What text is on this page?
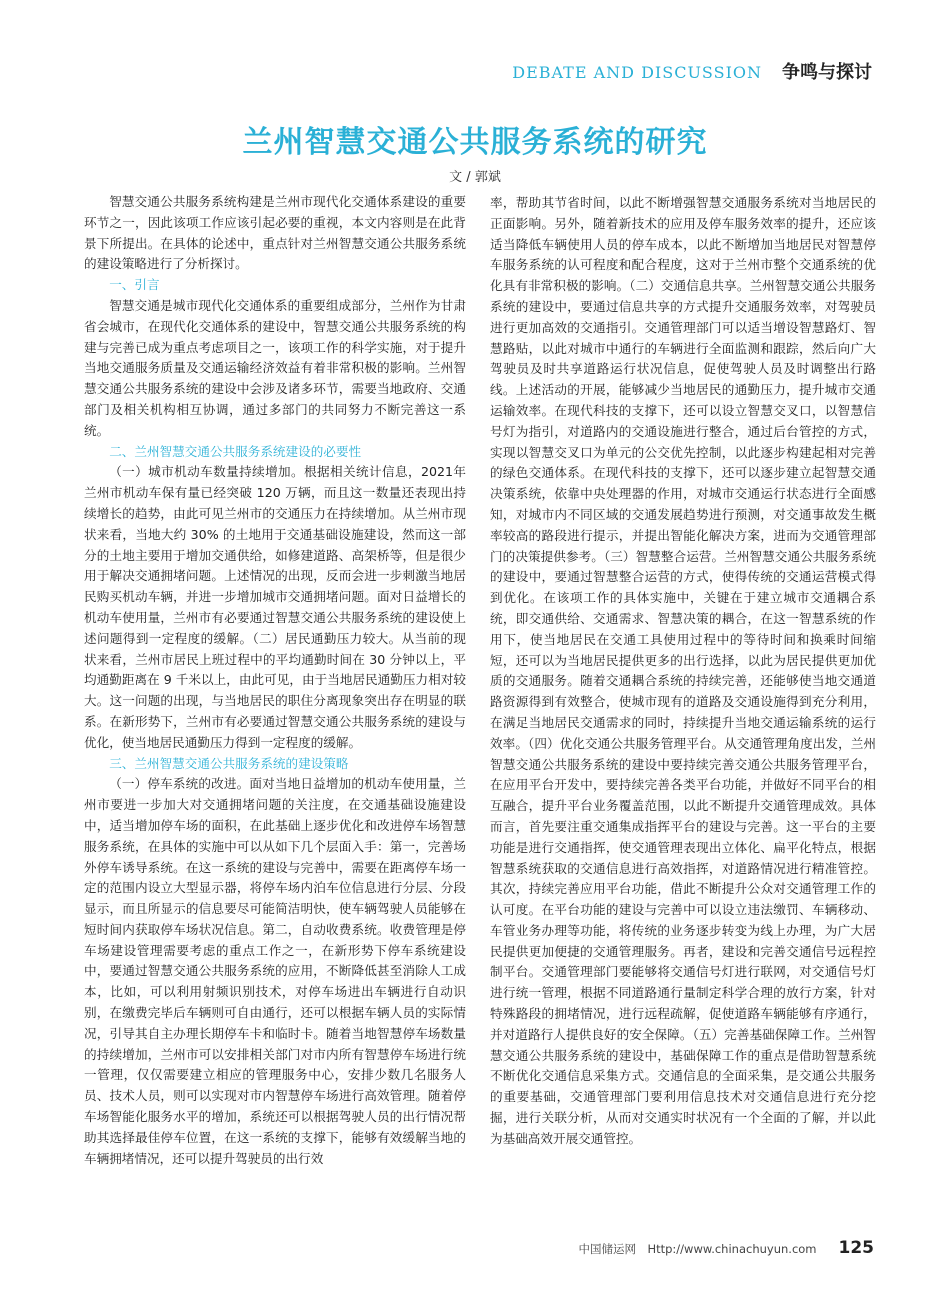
DEBATE AND DISCUSSION 争鸣与探讨
兰州智慧交通公共服务系统的研究
文 / 郭斌

智慧交通公共服务系统构建是兰州市现代化交通体系建设的重要环节之一，因此该项工作应该引起必要的重视，本文内容则是在此背景下所提出。在具体的论述中，重点针对兰州智慧交通公共服务系统的建设策略进行了分析探讨。

一、引言

智慧交通是城市现代化交通体系的重要组成部分，兰州作为甘肃省会城市，在现代化交通体系的建设中，智慧交通公共服务系统的构建与完善已成为重点考虑项目之一，该项工作的科学实施，对于提升当地交通服务质量及交通运输经济效益有着非常积极的影响。兰州智慧交通公共服务系统的建设中会涉及诸多环节，需要当地政府、交通部门及相关机构相互协调，通过多部门的共同努力不断完善这一系统。

二、兰州智慧交通公共服务系统建设的必要性

（一）城市机动车数量持续增加。根据相关统计信息，2021年兰州市机动车保有量已经突破 120 万辆，而且这一数量还表现出持续增长的趋势，由此可见兰州市的交通压力在持续增加。从兰州市现状来看，当地大约 30% 的土地用于交通基础设施建设，然而这一部分的土地主要用于增加交通供给，如修建道路、高架桥等，但是很少用于解决交通拥堵问题。上述情况的出现，反而会进一步刺激当地居民购买机动车辆，并进一步增加城市交通拥堵问题。面对日益增长的机动车使用量，兰州市有必要通过智慧交通公共服务系统的建设使上述问题得到一定程度的缓解。（二）居民通勤压力较大。从当前的现状来看，兰州市居民上班过程中的平均通勤时间在 30 分钟以上，平均通勤距离在 9 千米以上，由此可见，由于当地居民通勤压力相对较大。这一问题的出现，与当地居民的职住分离现象突出存在明显的联系。在新形势下，兰州市有必要通过智慧交通公共服务系统的建设与优化，使当地居民通勤压力得到一定程度的缓解。

三、兰州智慧交通公共服务系统的建设策略

（一）停车系统的改进。面对当地日益增加的机动车使用量，兰州市要进一步加大对交通拥堵问题的关注度，在交通基础设施建设中，适当增加停车场的面积，在此基础上逐步优化和改进停车场智慧服务系统，在具体的实施中可以从如下几个层面入手：第一，完善场外停车诱导系统。在这一系统的建设与完善中，需要在距离停车场一定的范围内设立大型显示器，将停车场内泊车位信息进行分层、分段显示，而且所显示的信息要尽可能简洁明快，使车辆驾驶人员能够在短时间内获取停车场状况信息。第二，自动收费系统。收费管理是停车场建设管理需要考虑的重点工作之一，在新形势下停车系统建设中，要通过智慧交通公共服务系统的应用，不断降低甚至消除人工成本，比如，可以利用射频识别技术，对停车场进出车辆进行自动识别，在缴费完毕后车辆则可自由通行，还可以根据车辆人员的实际情况，引导其自主办理长期停车卡和临时卡。随着当地智慧停车场数量的持续增加，兰州市可以安排相关部门对市内所有智慧停车场进行统一管理，仅仅需要建立相应的管理服务中心，安排少数几名服务人员、技术人员，则可以实现对市内智慧停车场进行高效管理。随着停车场智能化服务水平的增加，系统还可以根据驾驶人员的出行情况帮助其选择最佳停车位置，在这一系统的支撑下，能够有效缓解当地的车辆拥堵情况，还可以提升驾驶员的出行效

率，帮助其节省时间，以此不断增强智慧交通服务系统对当地居民的正面影响。另外，随着新技术的应用及停车服务效率的提升，还应该适当降低车辆使用人员的停车成本，以此不断增加当地居民对智慧停车服务系统的认可程度和配合程度，这对于兰州市整个交通系统的优化具有非常积极的影响。（二）交通信息共享。兰州智慧交通公共服务系统的建设中，要通过信息共享的方式提升交通服务效率，对驾驶员进行更加高效的交通指引。交通管理部门可以适当增设智慧路灯、智慧路贴，以此对城市中通行的车辆进行全面监测和跟踪，然后向广大驾驶员及时共享道路运行状况信息，促使驾驶人员及时调整出行路线。上述活动的开展，能够减少当地居民的通勤压力，提升城市交通运输效率。在现代科技的支撑下，还可以设立智慧交叉口，以智慧信号灯为指引，对道路内的交通设施进行整合，通过后台管控的方式，实现以智慧交叉口为单元的公交优先控制，以此逐步构建起相对完善的绿色交通体系。在现代科技的支撑下，还可以逐步建立起智慧交通决策系统，依靠中央处理器的作用，对城市交通运行状态进行全面感知，对城市内不同区域的交通发展趋势进行预测，对交通事故发生概率较高的路段进行提示，并提出智能化解决方案，进而为交通管理部门的决策提供参考。（三）智慧整合运营。兰州智慧交通公共服务系统的建设中，要通过智慧整合运营的方式，使得传统的交通运营模式得到优化。在该项工作的具体实施中，关键在于建立城市交通耦合系统，即交通供给、交通需求、智慧决策的耦合，在这一智慧系统的作用下，使当地居民在交通工具使用过程中的等待时间和换乘时间缩短，还可以为当地居民提供更多的出行选择，以此为居民提供更加优质的交通服务。随着交通耦合系统的持续完善，还能够使当地交通道路资源得到有效整合，使城市现有的道路及交通设施得到充分利用，在满足当地居民交通需求的同时，持续提升当地交通运输系统的运行效率。（四）优化交通公共服务管理平台。从交通管理角度出发，兰州智慧交通公共服务系统的建设中要持续完善交通公共服务管理平台，在应用平台开发中，要持续完善各类平台功能，并做好不同平台的相互融合，提升平台业务覆盖范围，以此不断提升交通管理成效。具体而言，首先要注重交通集成指挥平台的建设与完善。这一平台的主要功能是进行交通指挥，使交通管理表现出立体化、扁平化特点，根据智慧系统获取的交通信息进行高效指挥，对道路情况进行精准管控。其次，持续完善应用平台功能，借此不断提升公众对交通管理工作的认可度。在平台功能的建设与完善中可以设立违法缴罚、车辆移动、车管业务办理等功能，将传统的业务逐步转变为线上办理，为广大居民提供更加便捷的交通管理服务。再者，建设和完善交通信号远程控制平台。交通管理部门要能够将交通信号灯进行联网，对交通信号灯进行统一管理，根据不同道路通行量制定科学合理的放行方案，针对特殊路段的拥堵情况，进行远程疏解，促使道路车辆能够有序通行，并对道路行人提供良好的安全保障。（五）完善基础保障工作。兰州智慧交通公共服务系统的建设中，基础保障工作的重点是借助智慧系统不断优化交通信息采集方式。交通信息的全面采集，是交通公共服务的重要基础，交通管理部门要利用信息技术对交通信息进行充分挖掘，进行关联分析，从而对交通实时状况有一个全面的了解，并以此为基础高效开展交通管控。

中国储运网　Http://www.chinachuyun.com 125
